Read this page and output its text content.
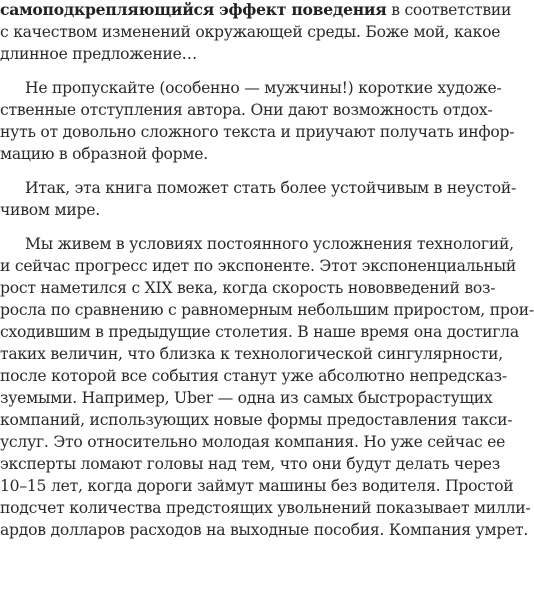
самоподкрепляющийся эффект поведения в соответствии
с качеством изменений окружающей среды. Боже мой, какое
длинное предложение…
Не пропускайте (особенно — мужчины!) короткие художе-
ственные отступления автора. Они дают возможность отдох-
нуть от довольно сложного текста и приучают получать инфор-
мацию в образной форме.
Итак, эта книга поможет стать более устойчивым в неустой-
чивом мире.
Мы живем в условиях постоянного усложнения технологий,
и сейчас прогресс идет по экспоненте. Этот экспоненциальный
рост наметился с XIX века, когда скорость нововведений воз-
росла по сравнению с равномерным небольшим приростом, прои-
сходившим в предыдущие столетия. В наше время она достигла
таких величин, что близка к технологической сингулярности,
после которой все события станут уже абсолютно непредсказ-
зуемыми. Например, Uber — одна из самых быстрорастущих
компаний, использующих новые формы предоставления такси-
услуг. Это относительно молодая компания. Но уже сейчас ее
эксперты ломают головы над тем, что они будут делать через
10–15 лет, когда дороги займут машины без водителя. Простой
подсчет количества предстоящих увольнений показывает милли-
ардов долларов расходов на выходные пособия. Компания умрет.
